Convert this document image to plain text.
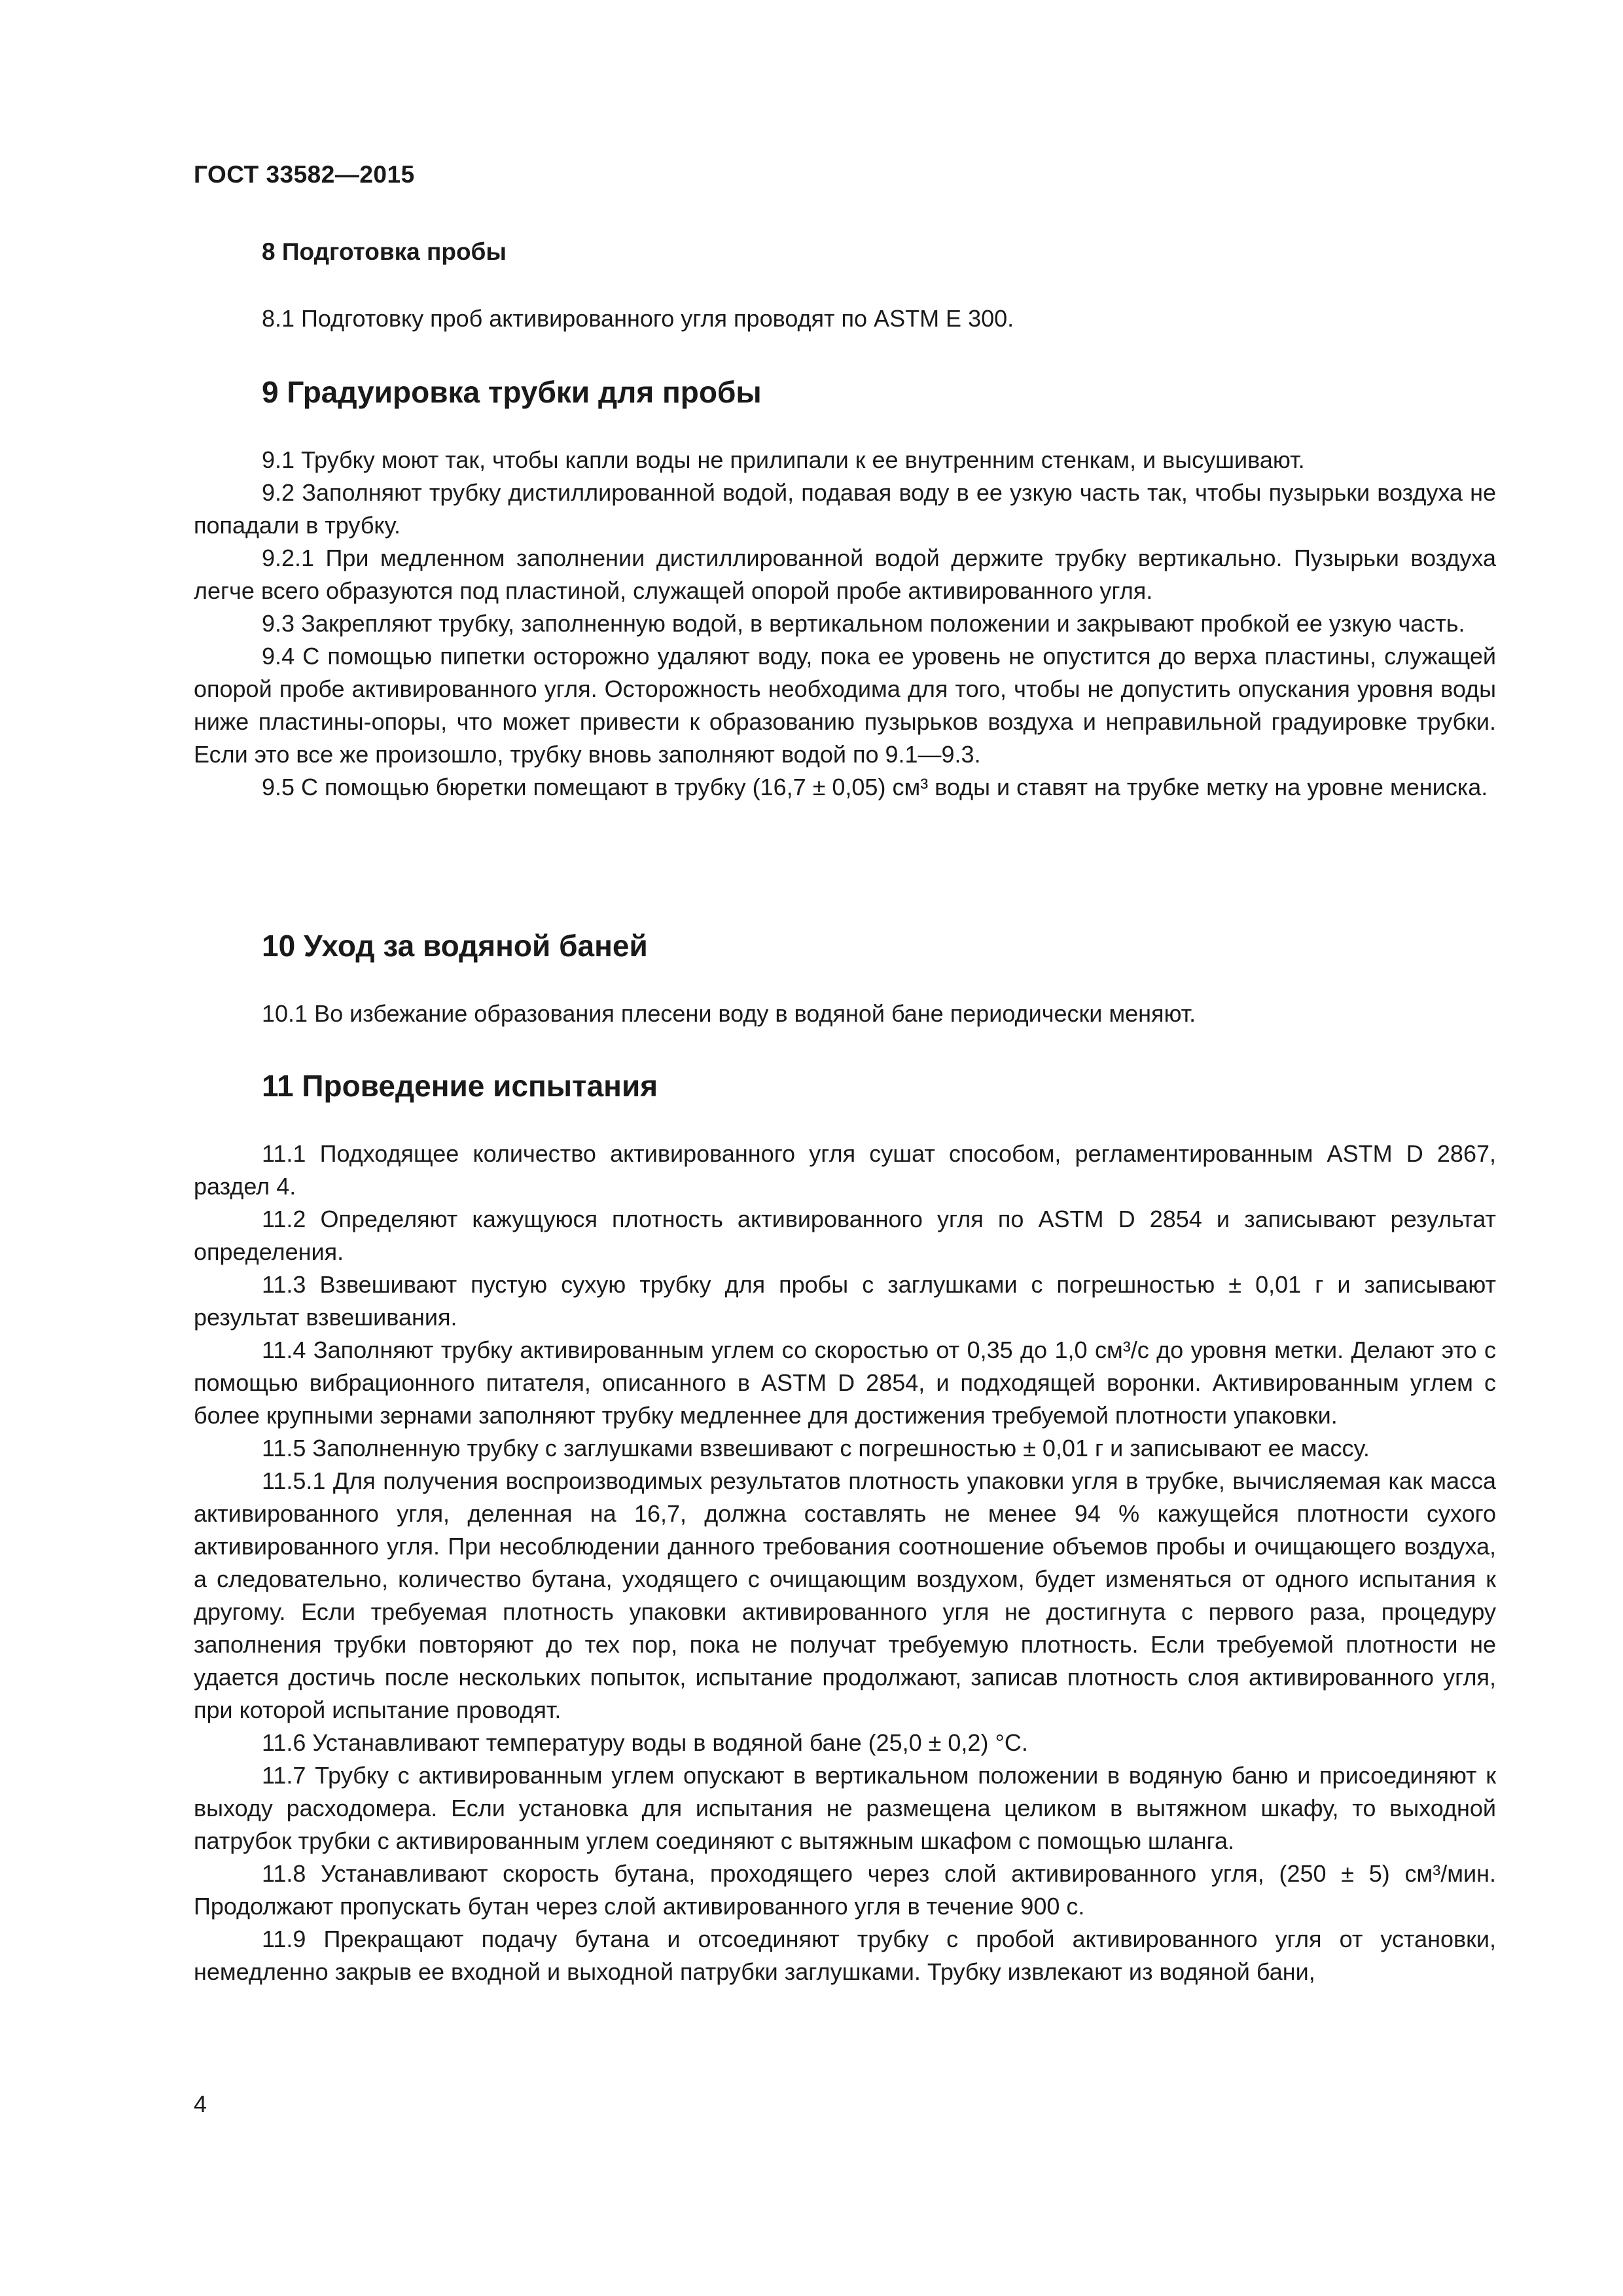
ГОСТ 33582—2015
8 Подготовка пробы

8.1 Подготовку проб активированного угля проводят по ASTM E 300.

9 Градуировка трубки для пробы

9.1 Трубку моют так, чтобы капли воды не прилипали к ее внутренним стенкам, и высушивают.

9.2 Заполняют трубку дистиллированной водой, подавая воду в ее узкую часть так, чтобы пузырьки воздуха не попадали в трубку.

9.2.1 При медленном заполнении дистиллированной водой держите трубку вертикально. Пузырьки воздуха легче всего образуются под пластиной, служащей опорой пробе активированного угля.

9.3 Закрепляют трубку, заполненную водой, в вертикальном положении и закрывают пробкой ее узкую часть.

9.4 С помощью пипетки осторожно удаляют воду, пока ее уровень не опустится до верха пластины, служащей опорой пробе активированного угля. Осторожность необходима для того, чтобы не допустить опускания уровня воды ниже пластины-опоры, что может привести к образованию пузырьков воздуха и неправильной градуировке трубки. Если это все же произошло, трубку вновь заполняют водой по 9.1—9.3.

9.5 С помощью бюретки помещают в трубку (16,7 ± 0,05) см³ воды и ставят на трубке метку на уровне мениска.

10 Уход за водяной баней

10.1 Во избежание образования плесени воду в водяной бане периодически меняют.

11 Проведение испытания

11.1 Подходящее количество активированного угля сушат способом, регламентированным ASTM D 2867, раздел 4.

11.2 Определяют кажущуюся плотность активированного угля по ASTM D 2854 и записывают результат определения.

11.3 Взвешивают пустую сухую трубку для пробы с заглушками с погрешностью ± 0,01 г и записывают результат взвешивания.

11.4 Заполняют трубку активированным углем со скоростью от 0,35 до 1,0 см³/с до уровня метки. Делают это с помощью вибрационного питателя, описанного в ASTM D 2854, и подходящей воронки. Активированным углем с более крупными зернами заполняют трубку медленнее для достижения требуемой плотности упаковки.

11.5 Заполненную трубку с заглушками взвешивают с погрешностью ± 0,01 г и записывают ее массу.

11.5.1 Для получения воспроизводимых результатов плотность упаковки угля в трубке, вычисляемая как масса активированного угля, деленная на 16,7, должна составлять не менее 94 % кажущейся плотности сухого активированного угля. При несоблюдении данного требования соотношение объемов пробы и очищающего воздуха, а следовательно, количество бутана, уходящего с очищающим воздухом, будет изменяться от одного испытания к другому. Если требуемая плотность упаковки активированного угля не достигнута с первого раза, процедуру заполнения трубки повторяют до тех пор, пока не получат требуемую плотность. Если требуемой плотности не удается достичь после нескольких попыток, испытание продолжают, записав плотность слоя активированного угля, при которой испытание проводят.

11.6 Устанавливают температуру воды в водяной бане (25,0 ± 0,2) °С.

11.7 Трубку с активированным углем опускают в вертикальном положении в водяную баню и присоединяют к выходу расходомера. Если установка для испытания не размещена целиком в вытяжном шкафу, то выходной патрубок трубки с активированным углем соединяют с вытяжным шкафом с помощью шланга.

11.8 Устанавливают скорость бутана, проходящего через слой активированного угля, (250 ± 5) см³/мин. Продолжают пропускать бутан через слой активированного угля в течение 900 с.

11.9 Прекращают подачу бутана и отсоединяют трубку с пробой активированного угля от установки, немедленно закрыв ее входной и выходной патрубки заглушками. Трубку извлекают из водяной бани,

4
